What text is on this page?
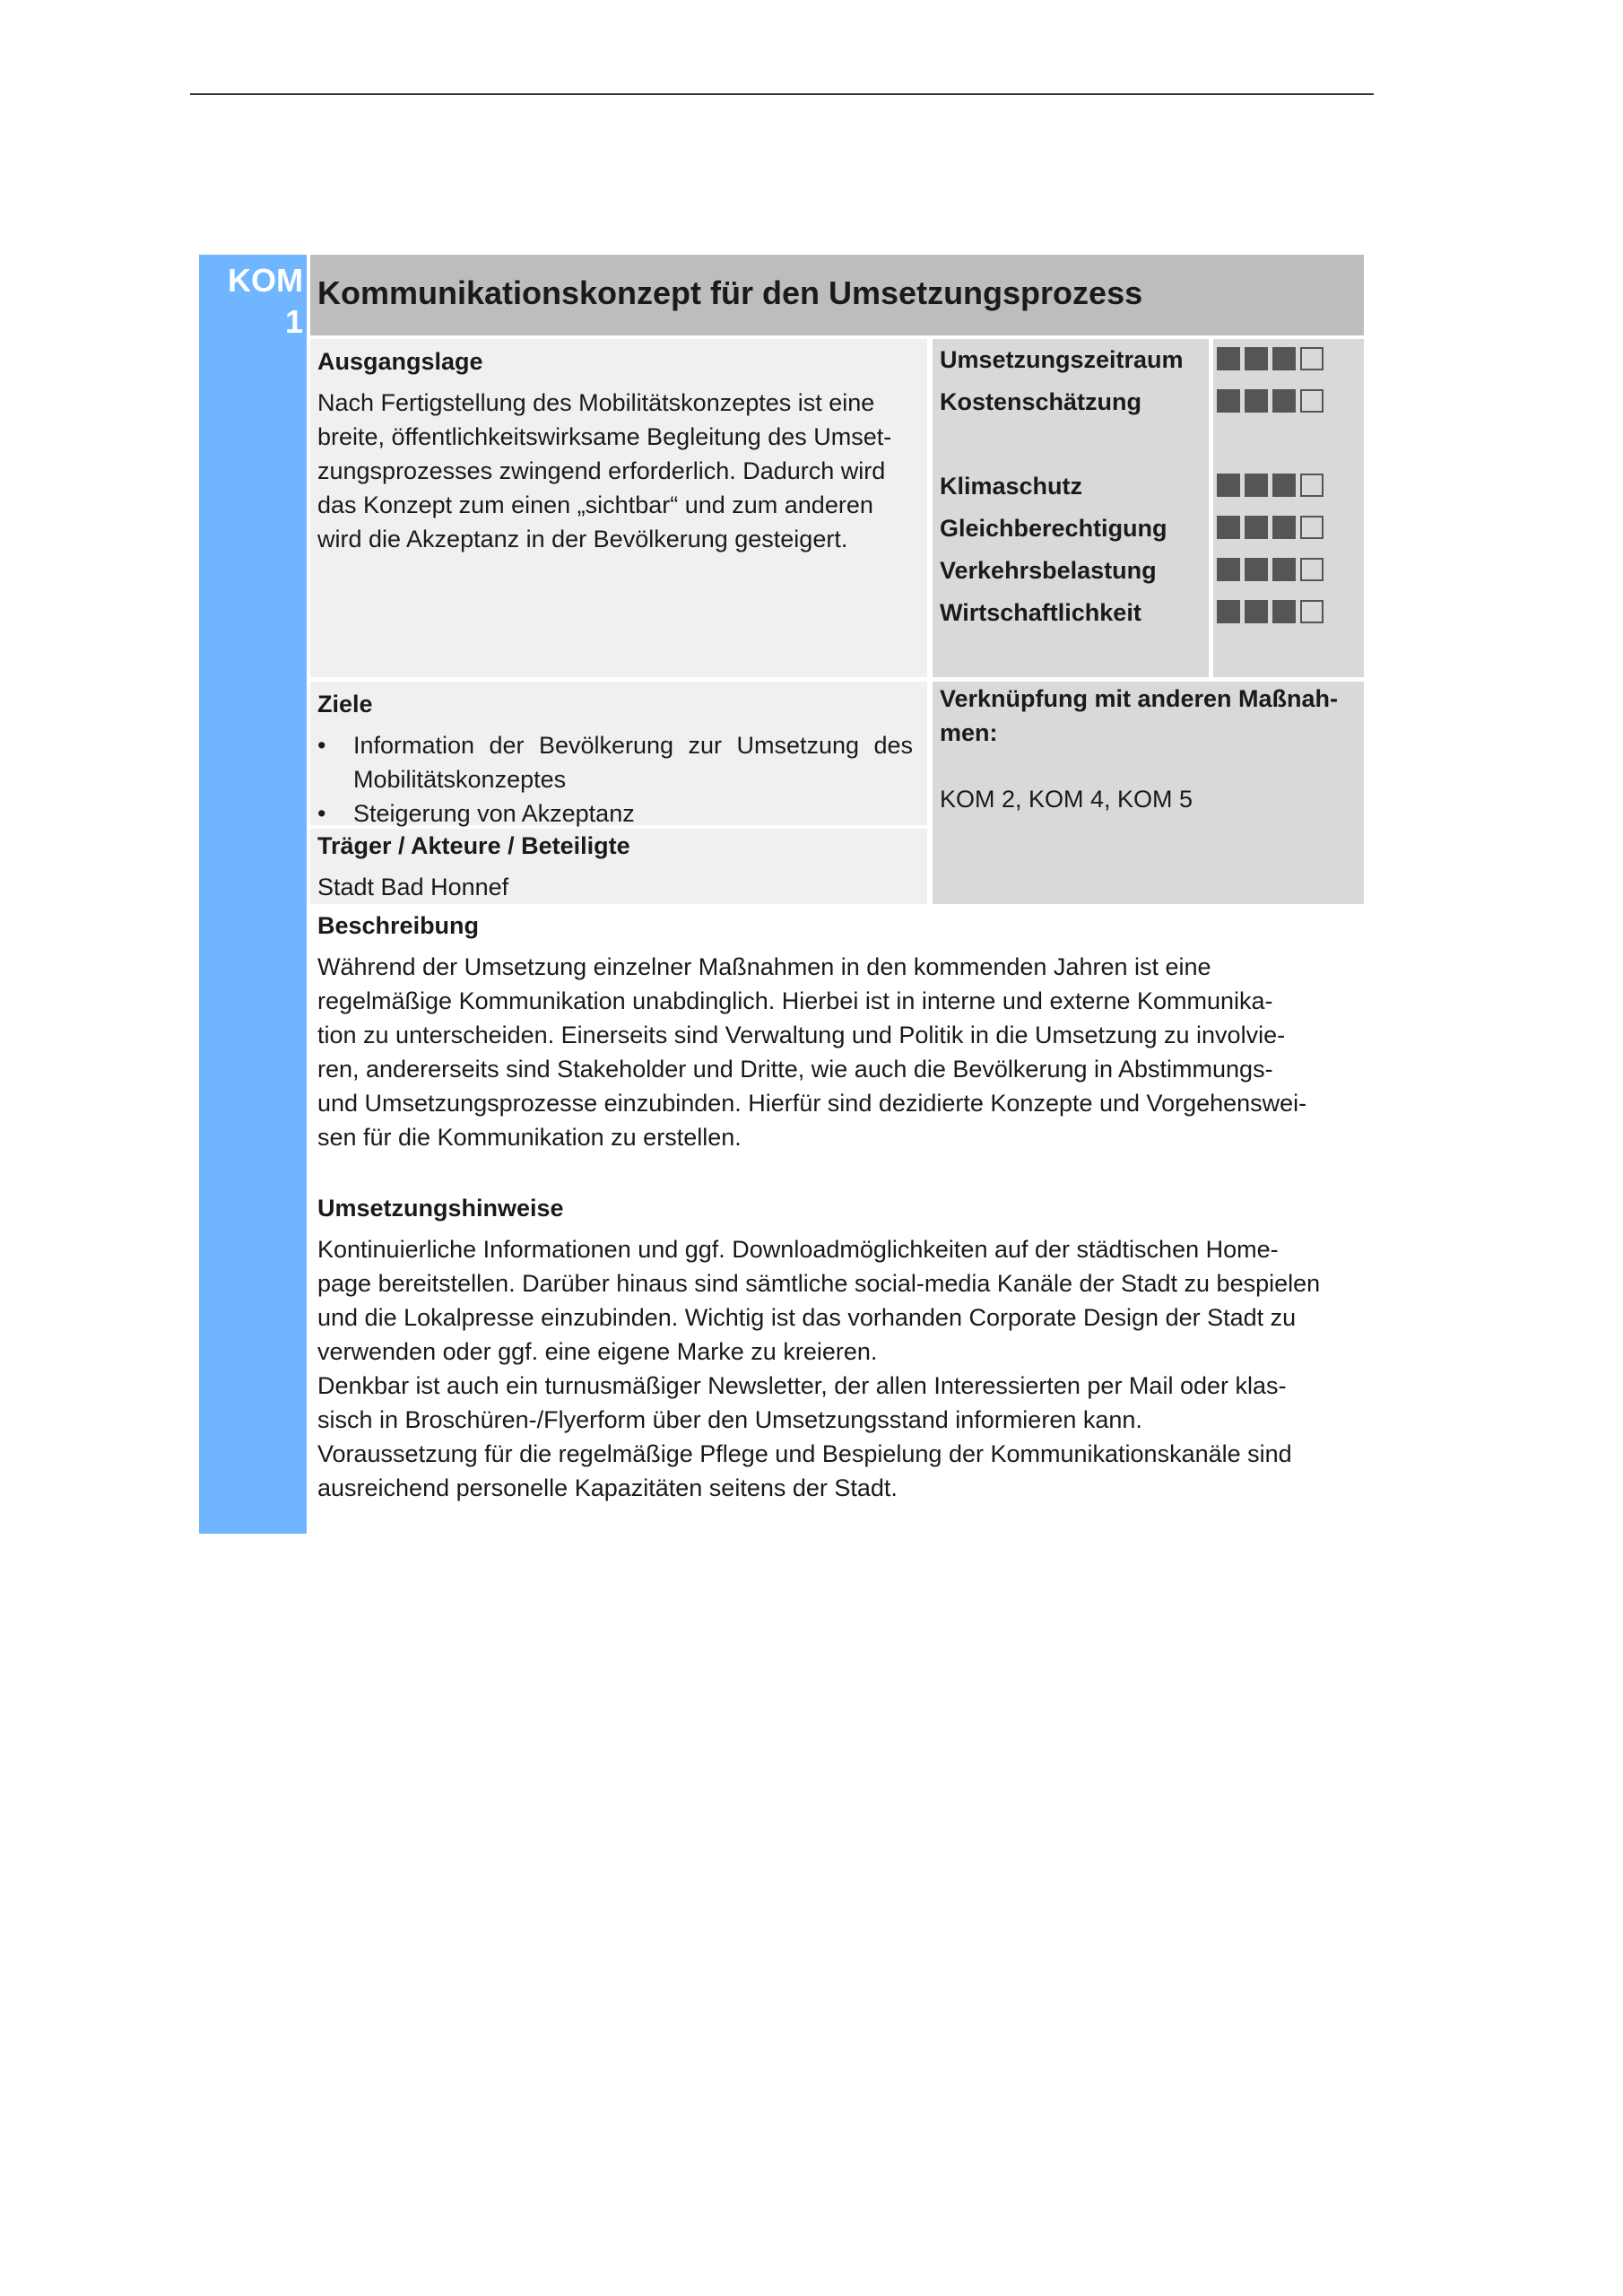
KOM
1
Kommunikationskonzept für den Umsetzungsprozess
Ausgangslage
Nach Fertigstellung des Mobilitätskonzeptes ist eine
breite, öffentlichkeitswirksame Begleitung des Umset-
zungsprozesses zwingend erforderlich. Dadurch wird
das Konzept zum einen „sichtbar“ und zum anderen
wird die Akzeptanz in der Bevölkerung gesteigert.
Umsetzungszeitraum
Kostenschätzung
Klimaschutz
Gleichberechtigung
Verkehrsbelastung
Wirtschaftlichkeit
Ziele
• Information der Bevölkerung zur Umsetzung des Mobilitätskonzeptes
• Steigerung von Akzeptanz
Träger / Akteure / Beteiligte
Stadt Bad Honnef
Verknüpfung mit anderen Maßnah-
men:
KOM 2, KOM 4, KOM 5
Beschreibung
Während der Umsetzung einzelner Maßnahmen in den kommenden Jahren ist eine
regelmäßige Kommunikation unabdinglich. Hierbei ist in interne und externe Kommunika-
tion zu unterscheiden. Einerseits sind Verwaltung und Politik in die Umsetzung zu involvie-
ren, andererseits sind Stakeholder und Dritte, wie auch die Bevölkerung in Abstimmungs-
und Umsetzungsprozesse einzubinden. Hierfür sind dezidierte Konzepte und Vorgehenswei-
sen für die Kommunikation zu erstellen.
Umsetzungshinweise
Kontinuierliche Informationen und ggf. Downloadmöglichkeiten auf der städtischen Home-
page bereitstellen. Darüber hinaus sind sämtliche social-media Kanäle der Stadt zu bespielen
und die Lokalpresse einzubinden. Wichtig ist das vorhanden Corporate Design der Stadt zu
verwenden oder ggf. eine eigene Marke zu kreieren.
Denkbar ist auch ein turnusmäßiger Newsletter, der allen Interessierten per Mail oder klas-
sisch in Broschüren-/Flyerform über den Umsetzungsstand informieren kann.
Voraussetzung für die regelmäßige Pflege und Bespielung der Kommunikationskanäle sind
ausreichend personelle Kapazitäten seitens der Stadt.
